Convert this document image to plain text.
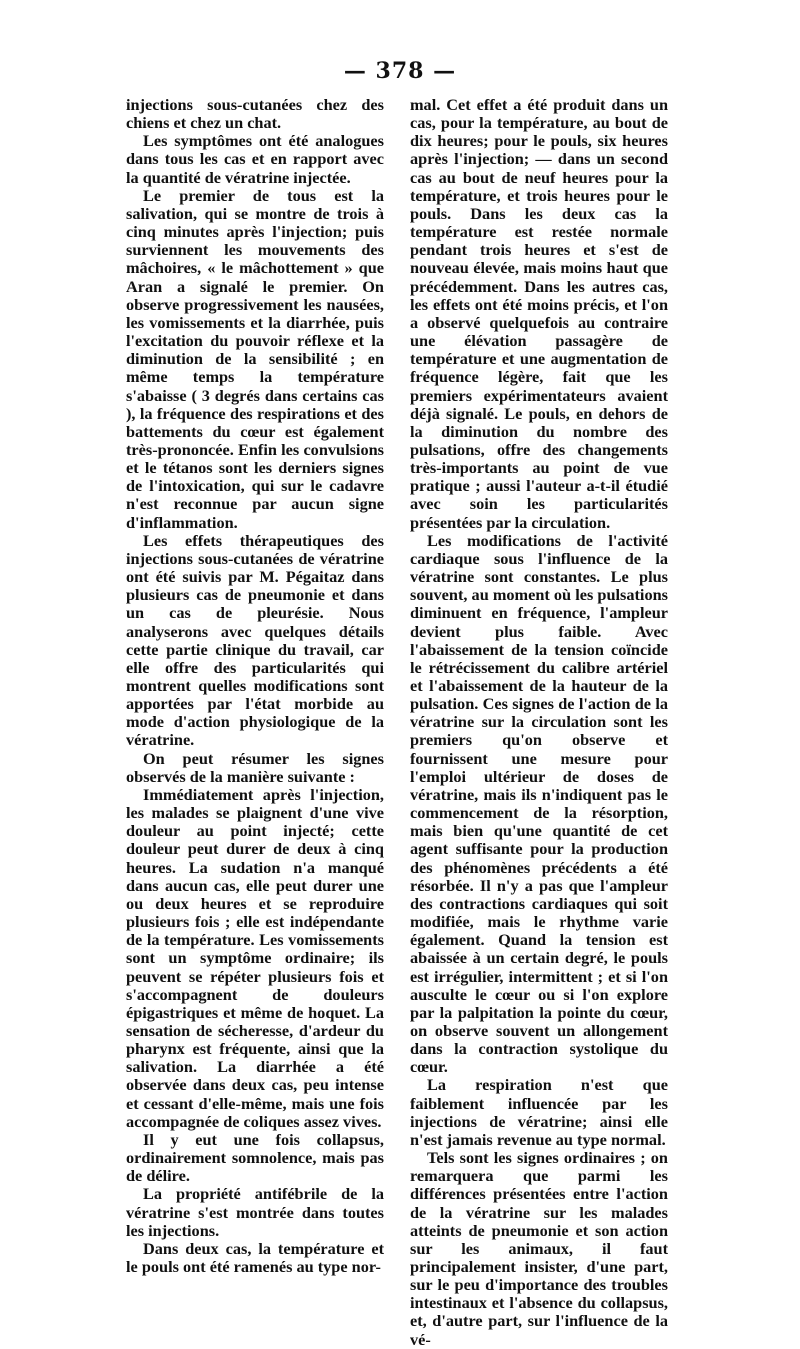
— 378 —

injections sous-cutanées chez des chiens et chez un chat.

Les symptômes ont été analogues dans tous les cas et en rapport avec la quantité de vératrine injectée.

Le premier de tous est la salivation, qui se montre de trois à cinq minutes après l'injection; puis surviennent les mouvements des mâchoires, « le mâchottement » que Aran a signalé le premier. On observe progressivement les nausées, les vomissements et la diarrhée, puis l'excitation du pouvoir réflexe et la diminution de la sensibilité ; en même temps la température s'abaisse ( 3 degrés dans certains cas ), la fréquence des respirations et des battements du cœur est également très-prononcée. Enfin les convulsions et le tétanos sont les derniers signes de l'intoxication, qui sur le cadavre n'est reconnue par aucun signe d'inflammation.

Les effets thérapeutiques des injections sous-cutanées de vératrine ont été suivis par M. Pégaitaz dans plusieurs cas de pneumonie et dans un cas de pleurésie. Nous analyserons avec quelques détails cette partie clinique du travail, car elle offre des particularités qui montrent quelles modifications sont apportées par l'état morbide au mode d'action physiologique de la vératrine.

On peut résumer les signes observés de la manière suivante :

Immédiatement après l'injection, les malades se plaignent d'une vive douleur au point injecté; cette douleur peut durer de deux à cinq heures. La sudation n'a manqué dans aucun cas, elle peut durer une ou deux heures et se reproduire plusieurs fois ; elle est indépendante de la température. Les vomissements sont un symptôme ordinaire; ils peuvent se répéter plusieurs fois et s'accompagnent de douleurs épigastriques et même de hoquet. La sensation de sécheresse, d'ardeur du pharynx est fréquente, ainsi que la salivation. La diarrhée a été observée dans deux cas, peu intense et cessant d'elle-même, mais une fois accompagnée de coliques assez vives.

Il y eut une fois collapsus, ordinairement somnolence, mais pas de délire.

La propriété antifébrile de la vératrine s'est montrée dans toutes les injections.

Dans deux cas, la température et le pouls ont été ramenés au type nor-

mal. Cet effet a été produit dans un cas, pour la température, au bout de dix heures; pour le pouls, six heures après l'injection; — dans un second cas au bout de neuf heures pour la température, et trois heures pour le pouls. Dans les deux cas la température est restée normale pendant trois heures et s'est de nouveau élevée, mais moins haut que précédemment. Dans les autres cas, les effets ont été moins précis, et l'on a observé quelquefois au contraire une élévation passagère de température et une augmentation de fréquence légère, fait que les premiers expérimentateurs avaient déjà signalé. Le pouls, en dehors de la diminution du nombre des pulsations, offre des changements très-importants au point de vue pratique ; aussi l'auteur a-t-il étudié avec soin les particularités présentées par la circulation.

Les modifications de l'activité cardiaque sous l'influence de la vératrine sont constantes. Le plus souvent, au moment où les pulsations diminuent en fréquence, l'ampleur devient plus faible. Avec l'abaissement de la tension coïncide le rétrécissement du calibre artériel et l'abaissement de la hauteur de la pulsation. Ces signes de l'action de la vératrine sur la circulation sont les premiers qu'on observe et fournissent une mesure pour l'emploi ultérieur de doses de vératrine, mais ils n'indiquent pas le commencement de la résorption, mais bien qu'une quantité de cet agent suffisante pour la production des phénomènes précédents a été résorbée. Il n'y a pas que l'ampleur des contractions cardiaques qui soit modifiée, mais le rhythme varie également. Quand la tension est abaissée à un certain degré, le pouls est irrégulier, intermittent ; et si l'on ausculte le cœur ou si l'on explore par la palpitation la pointe du cœur, on observe souvent un allongement dans la contraction systolique du cœur.

La respiration n'est que faiblement influencée par les injections de vératrine; ainsi elle n'est jamais revenue au type normal.

Tels sont les signes ordinaires ; on remarquera que parmi les différences présentées entre l'action de la vératrine sur les malades atteints de pneumonie et son action sur les animaux, il faut principalement insister, d'une part, sur le peu d'importance des troubles intestinaux et l'absence du collapsus, et, d'autre part, sur l'influence de la vé-
